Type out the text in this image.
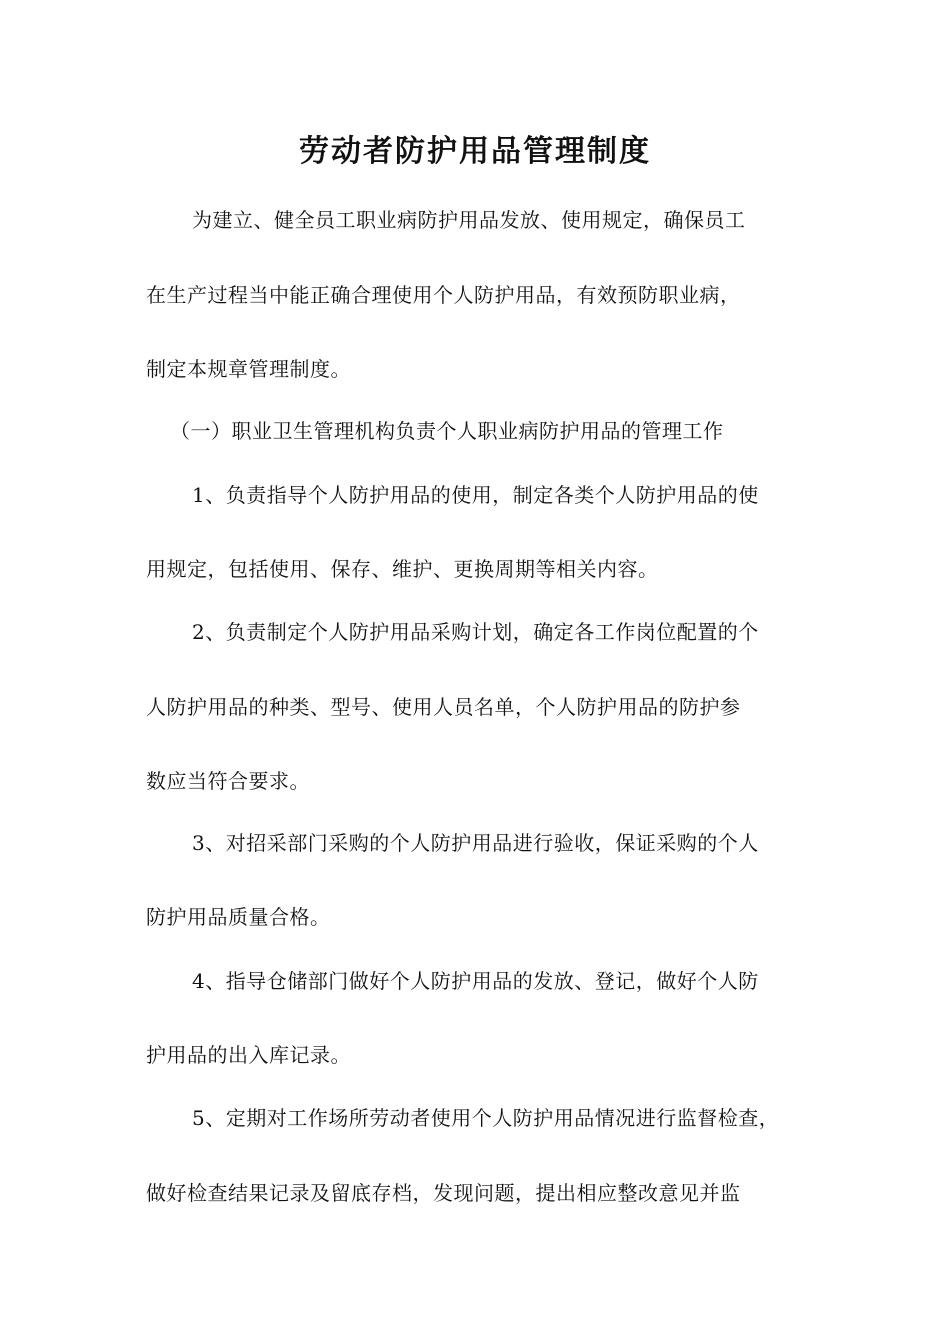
劳动者防护用品管理制度
为建立、健全员工职业病防护用品发放、使用规定，确保员工
在生产过程当中能正确合理使用个人防护用品，有效预防职业病，
制定本规章管理制度。
（一）职业卫生管理机构负责个人职业病防护用品的管理工作
1、负责指导个人防护用品的使用，制定各类个人防护用品的使
用规定，包括使用、保存、维护、更换周期等相关内容。
2、负责制定个人防护用品采购计划，确定各工作岗位配置的个
人防护用品的种类、型号、使用人员名单，个人防护用品的防护参
数应当符合要求。
3、对招采部门采购的个人防护用品进行验收，保证采购的个人
防护用品质量合格。
4、指导仓储部门做好个人防护用品的发放、登记，做好个人防
护用品的出入库记录。
5、定期对工作场所劳动者使用个人防护用品情况进行监督检查，
做好检查结果记录及留底存档，发现问题，提出相应整改意见并监
